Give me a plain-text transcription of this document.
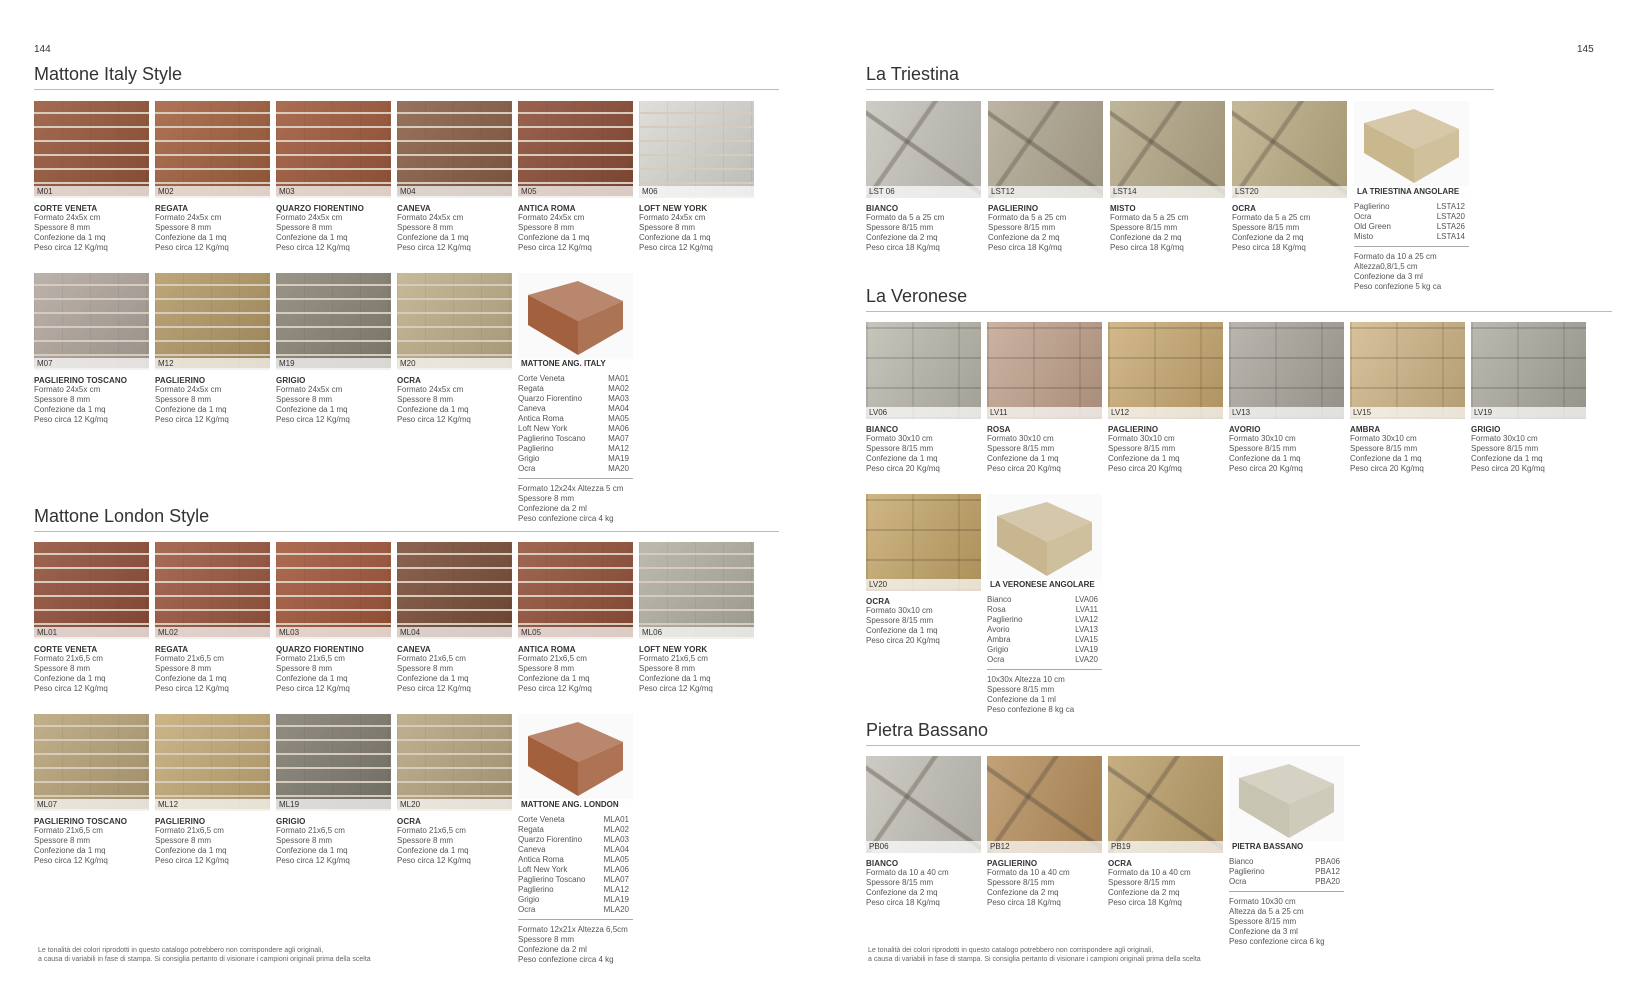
144	145
Mattone Italy Style
Mattone London Style
La Triestina
La Veronese
Pietra Bassano
M01
CORTE VENETA
Formato 24x5x cm
Spessore 8 mm
Confezione da 1 mq
Peso circa 12 Kg/mq
M02
REGATA
Formato 24x5x cm
Spessore 8 mm
Confezione da 1 mq
Peso circa 12 Kg/mq
M03
QUARZO FIORENTINO
Formato 24x5x cm
Spessore 8 mm
Confezione da 1 mq
Peso circa 12 Kg/mq
M04
CANEVA
Formato 24x5x cm
Spessore 8 mm
Confezione da 1 mq
Peso circa 12 Kg/mq
M05
ANTICA ROMA
Formato 24x5x cm
Spessore 8 mm
Confezione da 1 mq
Peso circa 12 Kg/mq
M06
LOFT NEW YORK
Formato 24x5x cm
Spessore 8 mm
Confezione da 1 mq
Peso circa 12 Kg/mq
M07
PAGLIERINO TOSCANO
Formato 24x5x cm
Spessore 8 mm
Confezione da 1 mq
Peso circa 12 Kg/mq
M12
PAGLIERINO
Formato 24x5x cm
Spessore 8 mm
Confezione da 1 mq
Peso circa 12 Kg/mq
M19
GRIGIO
Formato 24x5x cm
Spessore 8 mm
Confezione da 1 mq
Peso circa 12 Kg/mq
M20
OCRA
Formato 24x5x cm
Spessore 8 mm
Confezione da 1 mq
Peso circa 12 Kg/mq
MATTONE ANG. ITALY
Corte Veneta	MA01
Regata	MA02
Quarzo Fiorentino	MA03
Caneva	MA04
Antica Roma	MA05
Loft New York	MA06
Paglierino Toscano	MA07
Paglierino	MA12
Grigio	MA19
Ocra	MA20
Formato 12x24x Altezza 5 cm
Spessore 8 mm
Confezione da 2 ml
Peso confezione circa 4 kg
ML01
CORTE VENETA
Formato 21x6,5 cm
Spessore 8 mm
Confezione da 1 mq
Peso circa 12 Kg/mq
ML02
REGATA
Formato 21x6,5 cm
Spessore 8 mm
Confezione da 1 mq
Peso circa 12 Kg/mq
ML03
QUARZO FIORENTINO
Formato 21x6,5 cm
Spessore 8 mm
Confezione da 1 mq
Peso circa 12 Kg/mq
ML04
CANEVA
Formato 21x6,5 cm
Spessore 8 mm
Confezione da 1 mq
Peso circa 12 Kg/mq
ML05
ANTICA ROMA
Formato 21x6,5 cm
Spessore 8 mm
Confezione da 1 mq
Peso circa 12 Kg/mq
ML06
LOFT NEW YORK
Formato 21x6,5 cm
Spessore 8 mm
Confezione da 1 mq
Peso circa 12 Kg/mq
ML07
PAGLIERINO TOSCANO
Formato 21x6,5 cm
Spessore 8 mm
Confezione da 1 mq
Peso circa 12 Kg/mq
ML12
PAGLIERINO
Formato 21x6,5 cm
Spessore 8 mm
Confezione da 1 mq
Peso circa 12 Kg/mq
ML19
GRIGIO
Formato 21x6,5 cm
Spessore 8 mm
Confezione da 1 mq
Peso circa 12 Kg/mq
ML20
OCRA
Formato 21x6,5 cm
Spessore 8 mm
Confezione da 1 mq
Peso circa 12 Kg/mq
MATTONE ANG. LONDON
Corte Veneta	MLA01
Regata	MLA02
Quarzo Fiorentino	MLA03
Caneva	MLA04
Antica Roma	MLA05
Loft New York	MLA06
Paglierino Toscano MLA07
Paglierino	MLA12
Grigio	MLA19
Ocra	MLA20
Formato 12x21x Altezza 6,5cm
Spessore 8 mm
Confezione da 2 ml
Peso confezione circa 4 kg
LST 06
BIANCO
Formato da 5 a 25 cm
Spessore 8/15 mm
Confezione da 2 mq
Peso circa 18 Kg/mq
LST12
PAGLIERINO
Formato da 5 a 25 cm
Spessore 8/15 mm
Confezione da 2 mq
Peso circa 18 Kg/mq
LST14
MISTO
Formato da 5 a 25 cm
Spessore 8/15 mm
Confezione da 2 mq
Peso circa 18 Kg/mq
LST20
OCRA
Formato da 5 a 25 cm
Spessore 8/15 mm
Confezione da 2 mq
Peso circa 18 Kg/mq
LA TRIESTINA ANGOLARE
Paglierino	LSTA12
Ocra	LSTA20
Old Green	LSTA26
Misto	LSTA14
Formato da 10 a 25 cm
Altezza0,8/1,5 cm
Confezione da 3 ml
Peso confezione 5 kg ca
LV06
BIANCO
Formato 30x10 cm
Spessore 8/15 mm
Confezione da 1 mq
Peso circa 20 Kg/mq
LV11
ROSA
Formato 30x10 cm
Spessore 8/15 mm
Confezione da 1 mq
Peso circa 20 Kg/mq
LV12
PAGLIERINO
Formato 30x10 cm
Spessore 8/15 mm
Confezione da 1 mq
Peso circa 20 Kg/mq
LV13
AVORIO
Formato 30x10 cm
Spessore 8/15 mm
Confezione da 1 mq
Peso circa 20 Kg/mq
LV15
AMBRA
Formato 30x10 cm
Spessore 8/15 mm
Confezione da 1 mq
Peso circa 20 Kg/mq
LV19
GRIGIO
Formato 30x10 cm
Spessore 8/15 mm
Confezione da 1 mq
Peso circa 20 Kg/mq
LV20
OCRA
Formato 30x10 cm
Spessore 8/15 mm
Confezione da 1 mq
Peso circa 20 Kg/mq
LA VERONESE ANGOLARE
Bianco	LVA06
Rosa	LVA11
Paglierino	LVA12
Avorio	LVA13
Ambra	LVA15
Grigio	LVA19
Ocra	LVA20
10x30x Altezza 10 cm
Spessore 8/15 mm
Confezione da 1 ml
Peso confezione 8 kg ca
PB06
BIANCO
Formato da 10 a 40 cm
Spessore 8/15 mm
Confezione da 2 mq
Peso circa 18 Kg/mq
PB12
PAGLIERINO
Formato da 10 a 40 cm
Spessore 8/15 mm
Confezione da 2 mq
Peso circa 18 Kg/mq
PB19
OCRA
Formato da 10 a 40 cm
Spessore 8/15 mm
Confezione da 2 mq
Peso circa 18 Kg/mq
PIETRA BASSANO
Bianco	PBA06
Paglierino	PBA12
Ocra	PBA20
Formato 10x30 cm
Altezza da 5 a 25 cm
Spessore 8/15 mm
Confezione da 3 ml
Peso confezione circa 6 kg
Le tonalità dei colori riprodotti in questo catalogo potrebbero non corrispondere agli originali,
a causa di variabili in fase di stampa. Si consiglia pertanto di visionare i campioni originali prima della scelta
Le tonalità dei colori riprodotti in questo catalogo potrebbero non corrispondere agli originali,
a causa di variabili in fase di stampa. Si consiglia pertanto di visionare i campioni originali prima della scelta
